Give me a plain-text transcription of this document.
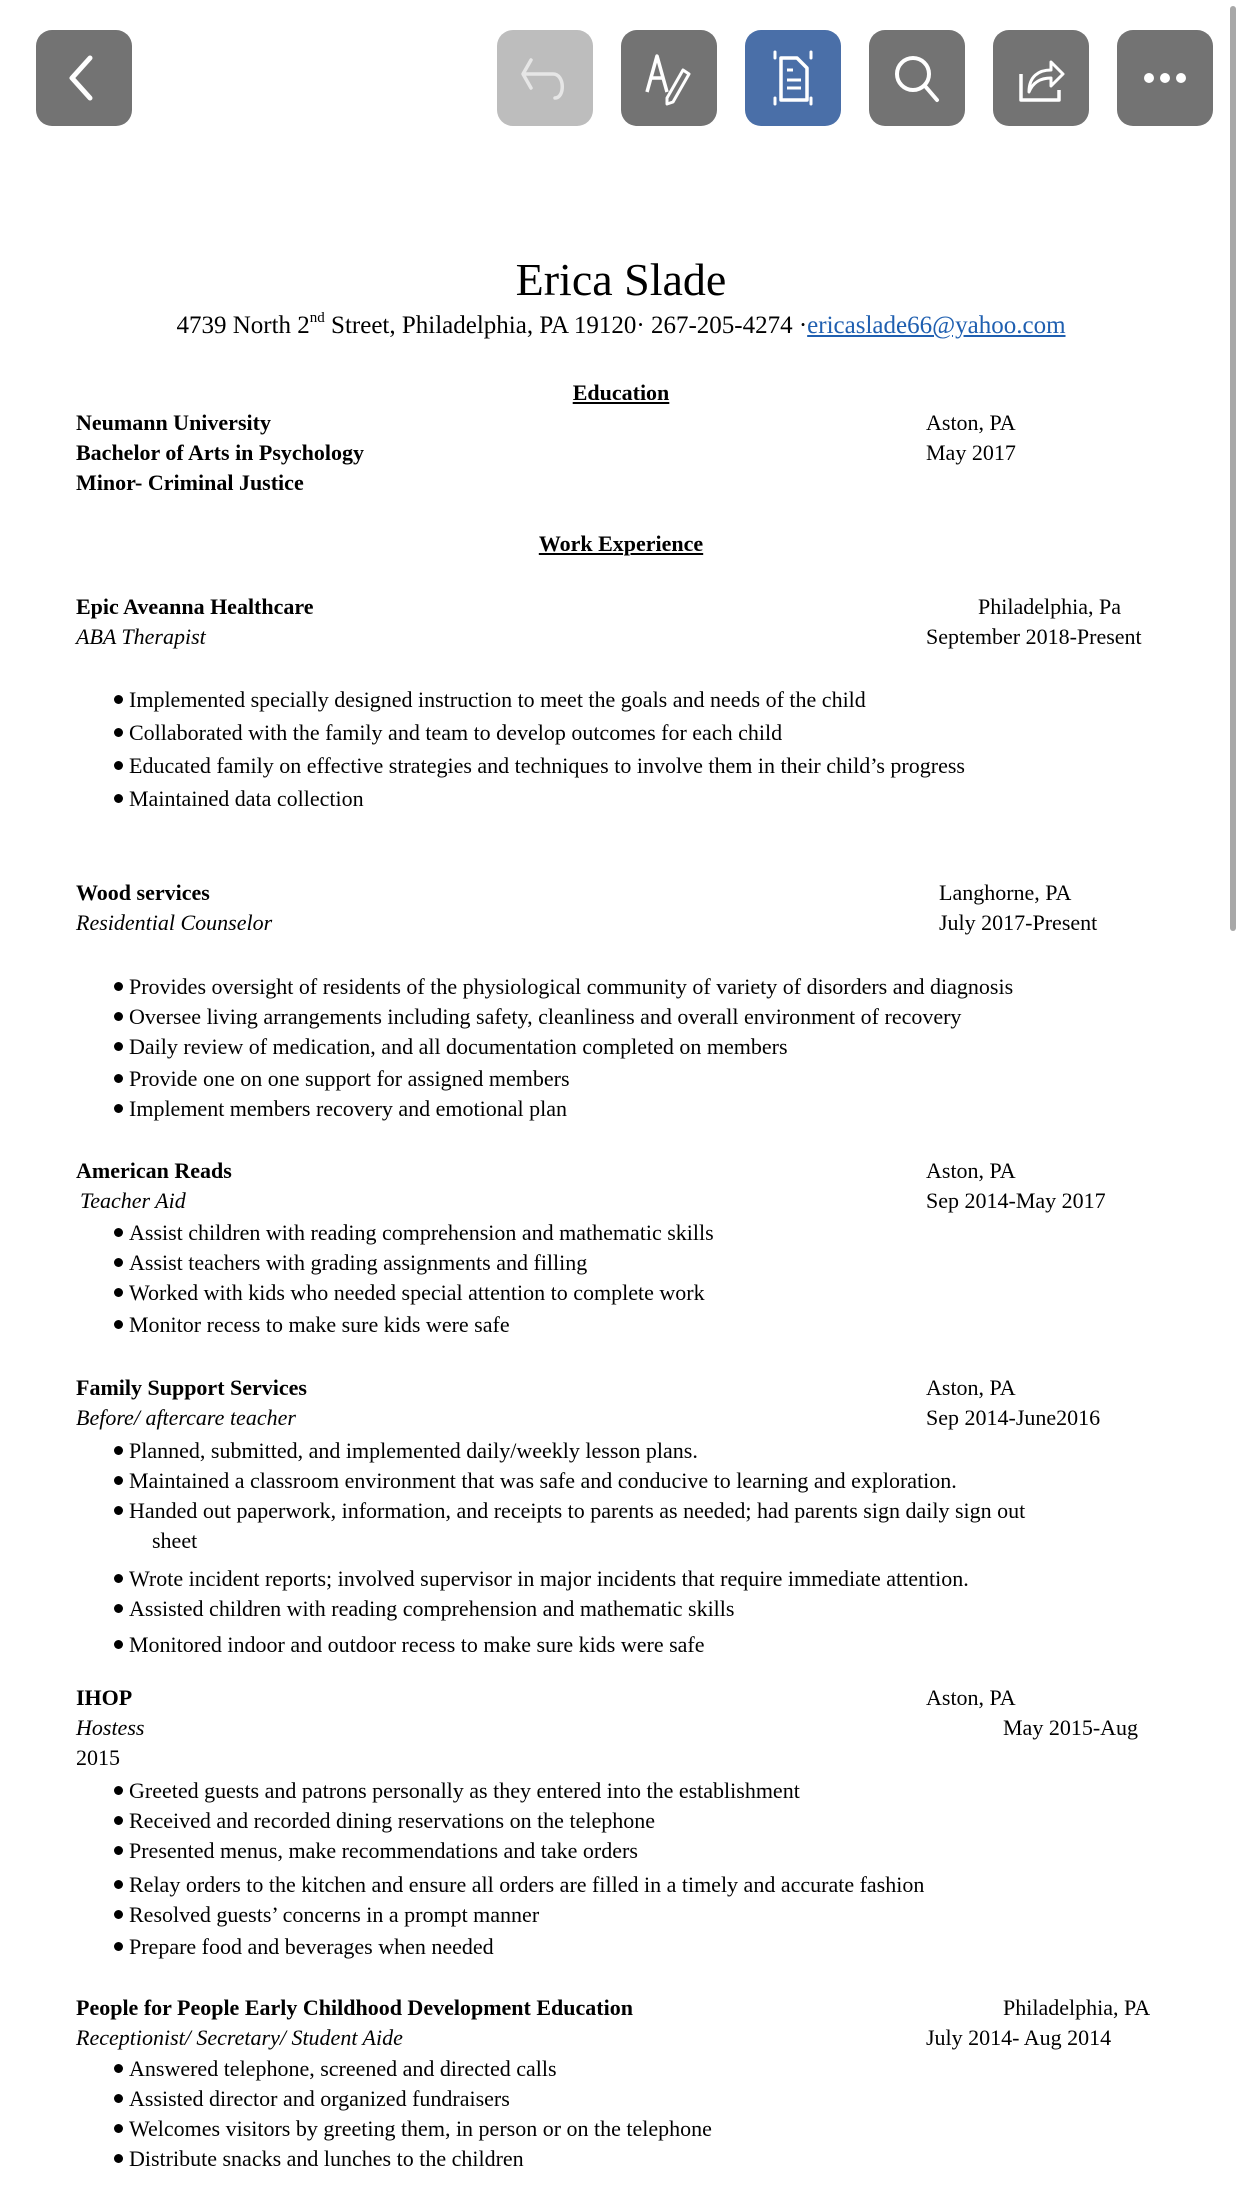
Erica Slade
4739 North 2nd Street, Philadelphia, PA 19120· 267-205-4274 ·ericaslade66@yahoo.com
Education
Neumann University	Aston, PA
Bachelor of Arts in Psychology	May 2017
Minor- Criminal Justice
Work Experience
Epic Aveanna Healthcare	Philadelphia, Pa
ABA Therapist	September 2018-Present
Implemented specially designed instruction to meet the goals and needs of the child
Collaborated with the family and team to develop outcomes for each child
Educated family on effective strategies and techniques to involve them in their child’s progress
Maintained data collection
Wood services	Langhorne, PA
Residential Counselor	July 2017-Present
Provides oversight of residents of the physiological community of variety of disorders and diagnosis
Oversee living arrangements including safety, cleanliness and overall environment of recovery
Daily review of medication, and all documentation completed on members
Provide one on one support for assigned members
Implement members recovery and emotional plan
American Reads	Aston, PA
Teacher Aid	Sep 2014-May 2017
Assist children with reading comprehension and mathematic skills
Assist teachers with grading assignments and filling
Worked with kids who needed special attention to complete work
Monitor recess to make sure kids were safe
Family Support Services	Aston, PA
Before/ aftercare teacher	Sep 2014-June2016
Planned, submitted, and implemented daily/weekly lesson plans.
Maintained a classroom environment that was safe and conducive to learning and exploration.
Handed out paperwork, information, and receipts to parents as needed; had parents sign daily sign out
sheet
Wrote incident reports; involved supervisor in major incidents that require immediate attention.
Assisted children with reading comprehension and mathematic skills
Monitored indoor and outdoor recess to make sure kids were safe
IHOP	Aston, PA
Hostess	May 2015-Aug
2015
Greeted guests and patrons personally as they entered into the establishment
Received and recorded dining reservations on the telephone
Presented menus, make recommendations and take orders
Relay orders to the kitchen and ensure all orders are filled in a timely and accurate fashion
Resolved guests’ concerns in a prompt manner
Prepare food and beverages when needed
People for People Early Childhood Development Education	Philadelphia, PA
Receptionist/ Secretary/ Student Aide	July 2014- Aug 2014
Answered telephone, screened and directed calls
Assisted director and organized fundraisers
Welcomes visitors by greeting them, in person or on the telephone
Distribute snacks and lunches to the children
